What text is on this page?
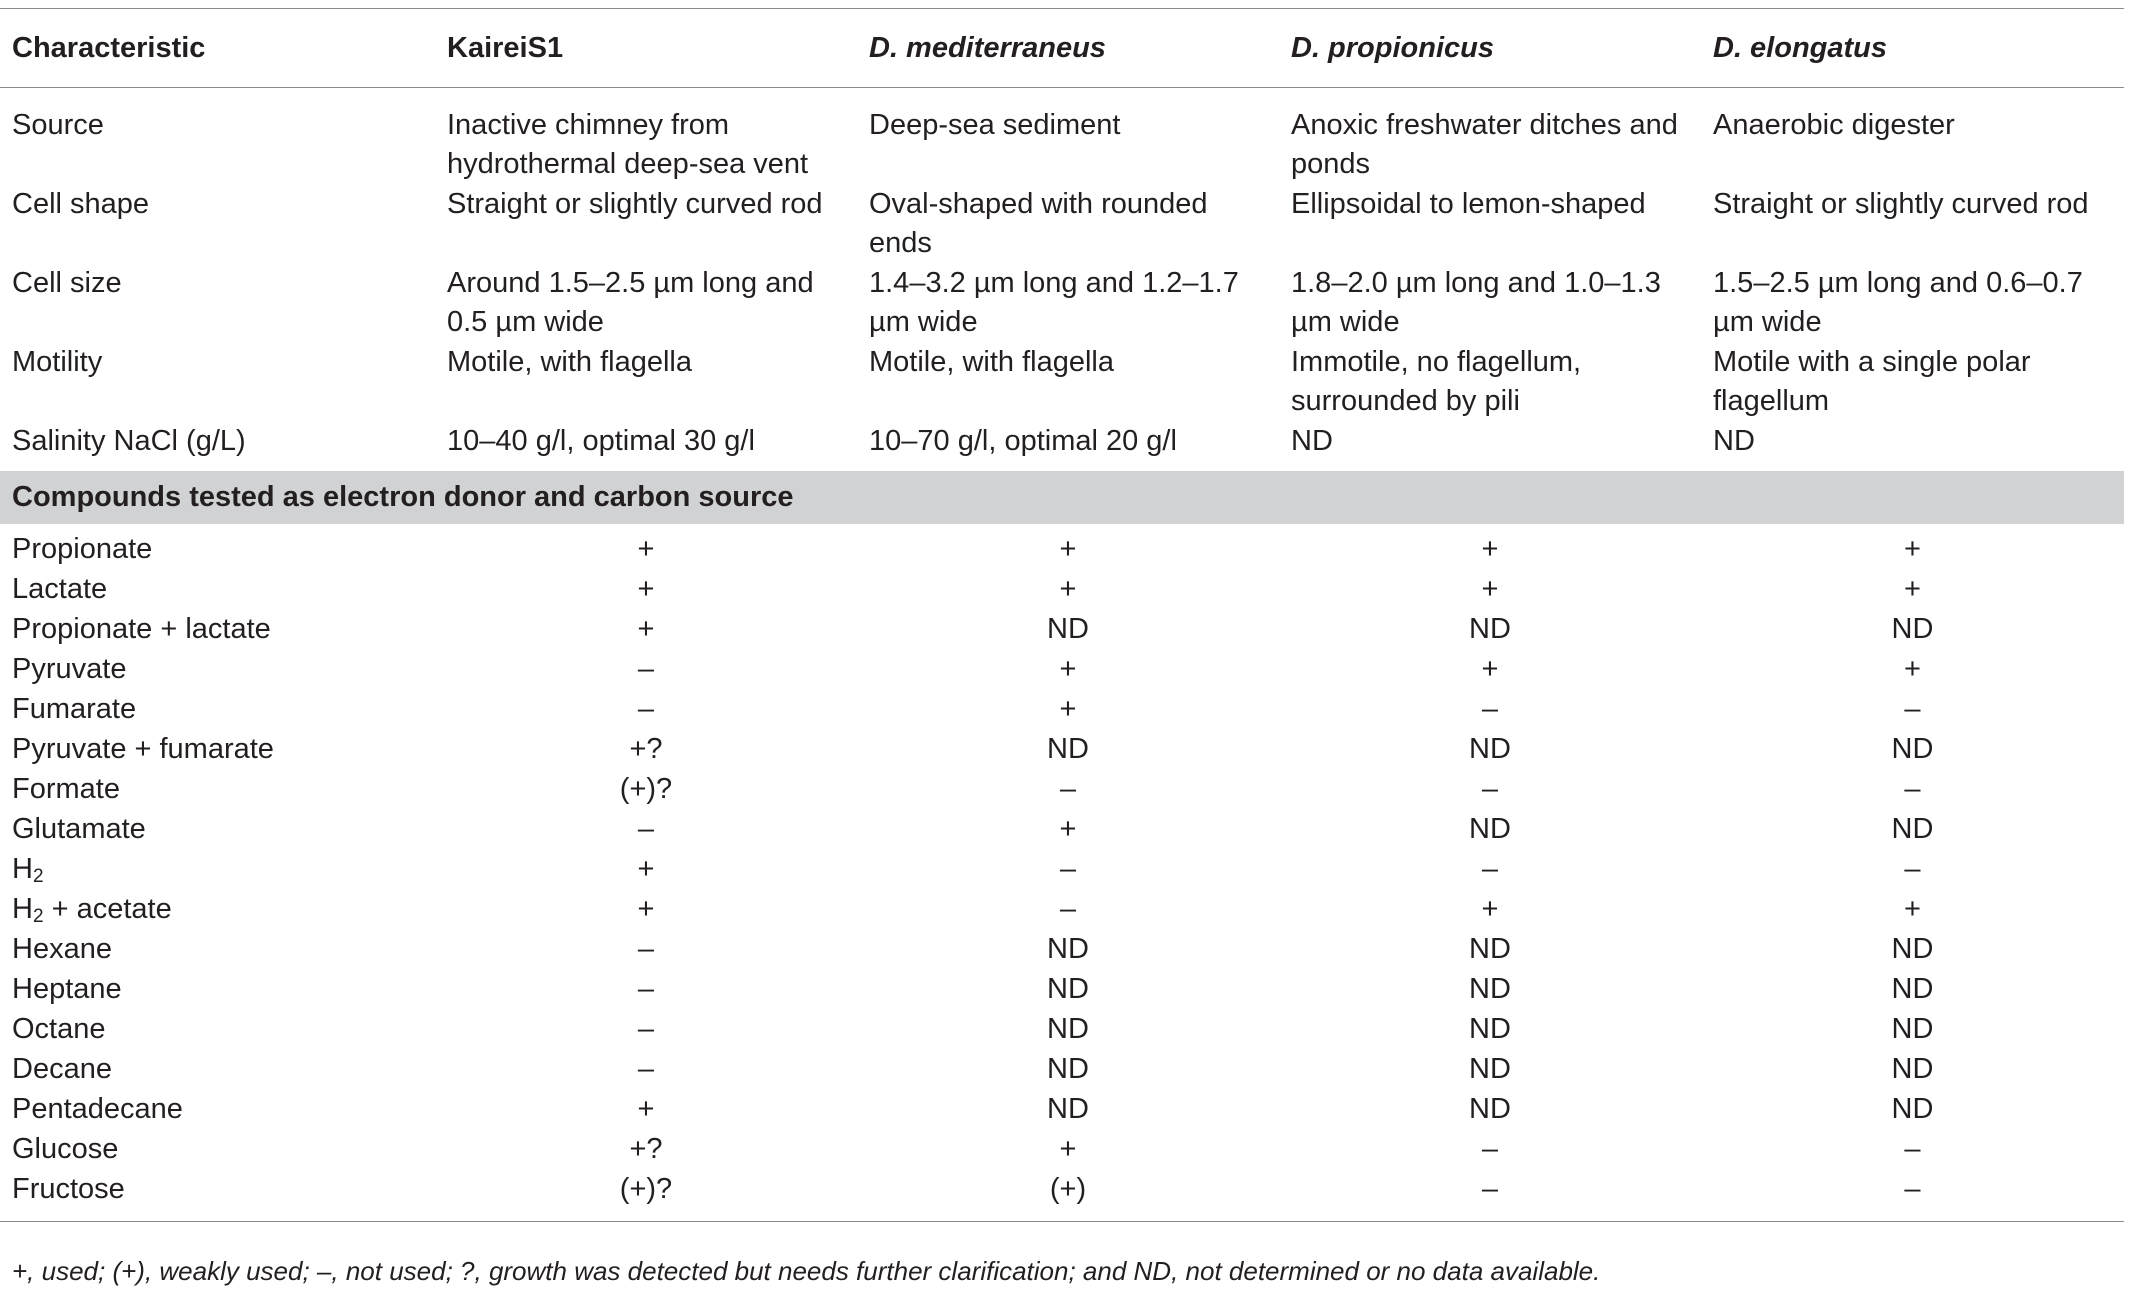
Characteristic	KaireiS1	D. mediterraneus	D. propionicus	D. elongatus
Source	Inactive chimney from hydrothermal deep-sea vent	Deep-sea sediment	Anoxic freshwater ditches and ponds	Anaerobic digester
Cell shape	Straight or slightly curved rod	Oval-shaped with rounded ends	Ellipsoidal to lemon-shaped	Straight or slightly curved rod
Cell size	Around 1.5–2.5 µm long and 0.5 µm wide	1.4–3.2 µm long and 1.2–1.7 µm wide	1.8–2.0 µm long and 1.0–1.3 µm wide	1.5–2.5 µm long and 0.6–0.7 µm wide
Motility	Motile, with flagella	Motile, with flagella	Immotile, no flagellum, surrounded by pili	Motile with a single polar flagellum
Salinity NaCl (g/L)	10–40 g/l, optimal 30 g/l	10–70 g/l, optimal 20 g/l	ND	ND
Compounds tested as electron donor and carbon source				
Propionate	+	+	+	+
Lactate	+	+	+	+
Propionate + lactate	+	ND	ND	ND
Pyruvate	–	+	+	+
Fumarate	–	+	–	–
Pyruvate + fumarate	+?	ND	ND	ND
Formate	(+)?	–	–	–
Glutamate	–	+	ND	ND
$H_2$	+	–	–	–
$H_2$ + acetate	+	–	+	+
Hexane	–	ND	ND	ND
Heptane	–	ND	ND	ND
Octane	–	ND	ND	ND
Decane	–	ND	ND	ND
Pentadecane	+	ND	ND	ND
Glucose	+?	+	–	–
Fructose	(+)?	(+)	–	–
+, used; (+), weakly used; –, not used; ?, growth was detected but needs further clarification; and ND, not determined or no data available.
